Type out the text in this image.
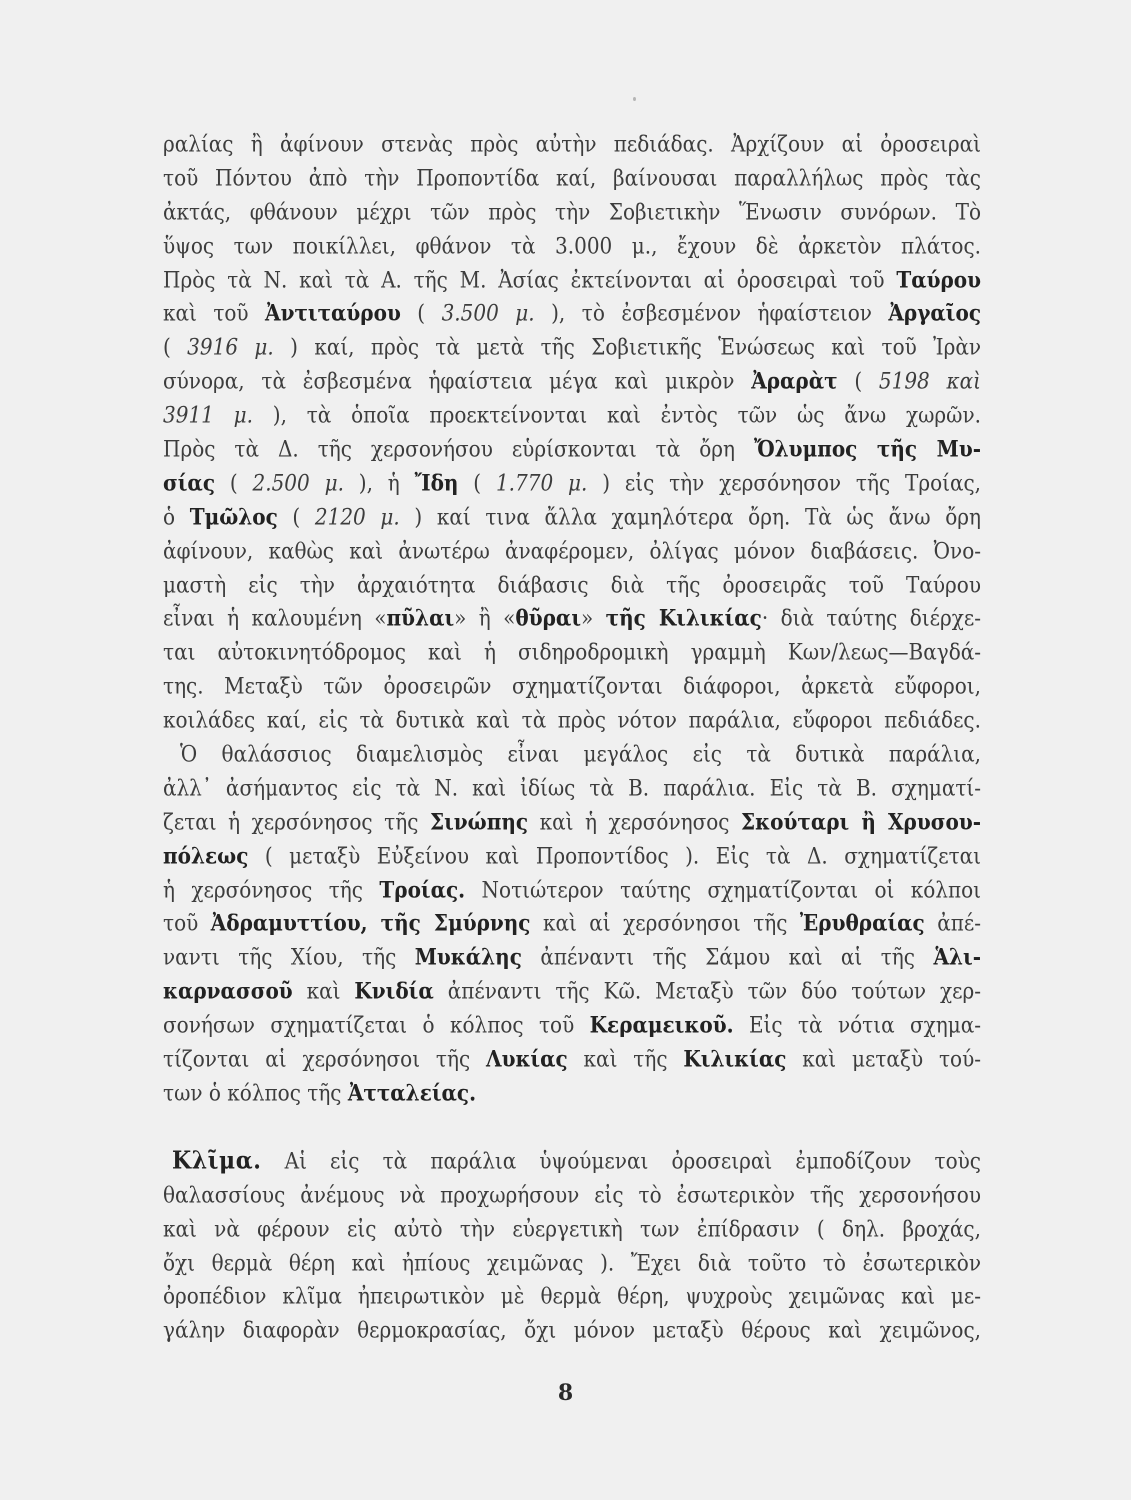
ραλίας ἢ ἀφίνουν στενὰς πρὸς αὐτὴν πεδιάδας. Ἀρχίζουν αἱ ὀροσειραὶ
τοῦ Πόντου ἀπὸ τὴν Προποντίδα καί, βαίνουσαι παραλλήλως πρὸς τὰς
ἀκτάς, φθάνουν μέχρι τῶν πρὸς τὴν Σοβιετικὴν Ἕνωσιν συνόρων. Τὸ
ὕψος των ποικίλλει, φθάνον τὰ 3.000 μ., ἔχουν δὲ ἀρκετὸν πλάτος.
Πρὸς τὰ Ν. καὶ τὰ Α. τῆς Μ. Ἀσίας ἐκτείνονται αἱ ὀροσειραὶ τοῦ Ταύρου
καὶ τοῦ Ἀντιταύρου ( 3.500 μ. ), τὸ ἐσβεσμένον ἡφαίστειον Ἀργαῖος
( 3916 μ. ) καί, πρὸς τὰ μετὰ τῆς Σοβιετικῆς Ἑνώσεως καὶ τοῦ Ἰρὰν
σύνορα, τὰ ἐσβεσμένα ἡφαίστεια μέγα καὶ μικρὸν Ἀραρὰτ ( 5198 καὶ
3911 μ. ), τὰ ὁποῖα προεκτείνονται καὶ ἐντὸς τῶν ὡς ἄνω χωρῶν.
Πρὸς τὰ Δ. τῆς χερσονήσου εὑρίσκονται τὰ ὄρη Ὄλυμπος τῆς Μυ-
σίας ( 2.500 μ. ), ἡ Ἴδη ( 1.770 μ. ) εἰς τὴν χερσόνησον τῆς Τροίας,
ὁ Τμῶλος ( 2120 μ. ) καί τινα ἄλλα χαμηλότερα ὄρη. Τὰ ὡς ἄνω ὄρη
ἀφίνουν, καθὼς καὶ ἀνωτέρω ἀναφέρομεν, ὀλίγας μόνον διαβάσεις. Ὀνο-
μαστὴ εἰς τὴν ἀρχαιότητα διάβασις διὰ τῆς ὀροσειρᾶς τοῦ Ταύρου
εἶναι ἡ καλουμένη «πῦλαι» ἢ «θῦραι» τῆς Κιλικίας· διὰ ταύτης διέρχε-
ται αὐτοκινητόδρομος καὶ ἡ σιδηροδρομικὴ γραμμὴ Κων/λεως—Βαγδά-
της. Μεταξὺ τῶν ὀροσειρῶν σχηματίζονται διάφοροι, ἀρκετὰ εὔφοροι,
κοιλάδες καί, εἰς τὰ δυτικὰ καὶ τὰ πρὸς νότον παράλια, εὔφοροι πεδιάδες.
Ὁ θαλάσσιος διαμελισμὸς εἶναι μεγάλος εἰς τὰ δυτικὰ παράλια,
ἀλλ᾿ ἀσήμαντος εἰς τὰ Ν. καὶ ἰδίως τὰ Β. παράλια. Εἰς τὰ Β. σχηματί-
ζεται ἡ χερσόνησος τῆς Σινώπης καὶ ἡ χερσόνησος Σκούταρι ἢ Χρυσου-
πόλεως ( μεταξὺ Εὐξείνου καὶ Προποντίδος ). Εἰς τὰ Δ. σχηματίζεται
ἡ χερσόνησος τῆς Τροίας. Νοτιώτερον ταύτης σχηματίζονται οἱ κόλποι
τοῦ Ἀδραμυττίου, τῆς Σμύρνης καὶ αἱ χερσόνησοι τῆς Ἐρυθραίας ἀπέ-
ναντι τῆς Χίου, τῆς Μυκάλης ἀπέναντι τῆς Σάμου καὶ αἱ τῆς Ἁλι-
καρνασσοῦ καὶ Κνιδία ἀπέναντι τῆς Κῶ. Μεταξὺ τῶν δύο τούτων χερ-
σονήσων σχηματίζεται ὁ κόλπος τοῦ Κεραμεικοῦ. Εἰς τὰ νότια σχημα-
τίζονται αἱ χερσόνησοι τῆς Λυκίας καὶ τῆς Κιλικίας καὶ μεταξὺ τού-
των ὁ κόλπος τῆς Ἀτταλείας.
Κλῖμα. Αἱ εἰς τὰ παράλια ὑψούμεναι ὀροσειραὶ ἐμποδίζουν τοὺς
θαλασσίους ἀνέμους νὰ προχωρήσουν εἰς τὸ ἐσωτερικὸν τῆς χερσονήσου
καὶ νὰ φέρουν εἰς αὐτὸ τὴν εὐεργετικὴ των ἐπίδρασιν ( δηλ. βροχάς,
ὄχι θερμὰ θέρη καὶ ἠπίους χειμῶνας ). Ἔχει διὰ τοῦτο τὸ ἐσωτερικὸν
ὀροπέδιον κλῖμα ἠπειρωτικὸν μὲ θερμὰ θέρη, ψυχροὺς χειμῶνας καὶ με-
γάλην διαφορὰν θερμοκρασίας, ὄχι μόνον μεταξὺ θέρους καὶ χειμῶνος,
8
